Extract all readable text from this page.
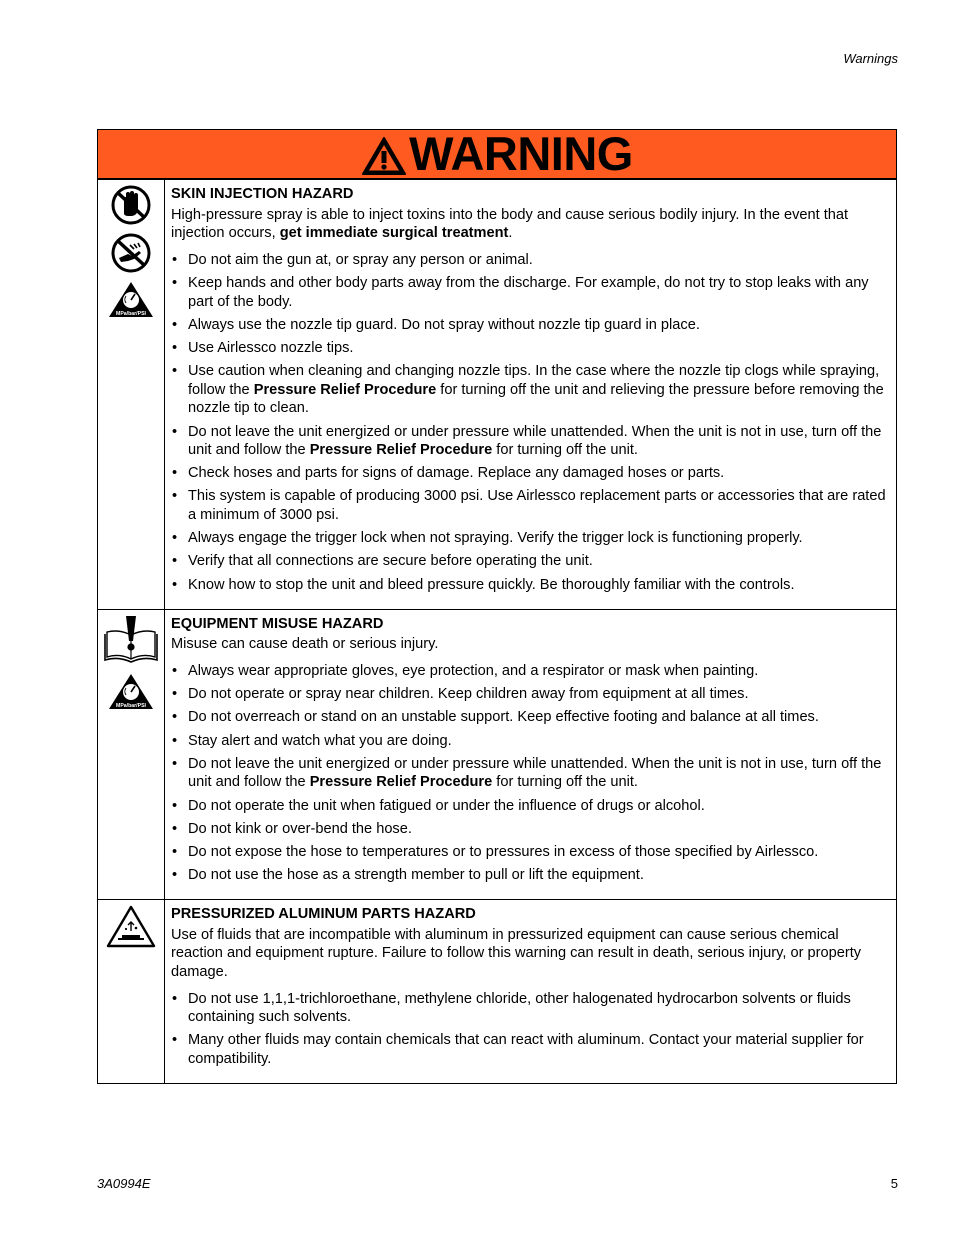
Warnings
WARNING
MPa/bar/PSI
SKIN INJECTION HAZARD
High-pressure spray is able to inject toxins into the body and cause serious bodily injury. In the event that injection occurs, get immediate surgical treatment.
• Do not aim the gun at, or spray any person or animal.
• Keep hands and other body parts away from the discharge. For example, do not try to stop leaks with any part of the body.
• Always use the nozzle tip guard. Do not spray without nozzle tip guard in place.
• Use Airlessco nozzle tips.
• Use caution when cleaning and changing nozzle tips. In the case where the nozzle tip clogs while spraying, follow the Pressure Relief Procedure for turning off the unit and relieving the pressure before removing the nozzle tip to clean.
• Do not leave the unit energized or under pressure while unattended. When the unit is not in use, turn off the unit and follow the Pressure Relief Procedure for turning off the unit.
• Check hoses and parts for signs of damage. Replace any damaged hoses or parts.
• This system is capable of producing 3000 psi. Use Airlessco replacement parts or accessories that are rated a minimum of 3000 psi.
• Always engage the trigger lock when not spraying. Verify the trigger lock is functioning properly.
• Verify that all connections are secure before operating the unit.
• Know how to stop the unit and bleed pressure quickly. Be thoroughly familiar with the controls.
MPa/bar/PSI
EQUIPMENT MISUSE HAZARD
Misuse can cause death or serious injury.
• Always wear appropriate gloves, eye protection, and a respirator or mask when painting.
• Do not operate or spray near children. Keep children away from equipment at all times.
• Do not overreach or stand on an unstable support. Keep effective footing and balance at all times.
• Stay alert and watch what you are doing.
• Do not leave the unit energized or under pressure while unattended. When the unit is not in use, turn off the unit and follow the Pressure Relief Procedure for turning off the unit.
• Do not operate the unit when fatigued or under the influence of drugs or alcohol.
• Do not kink or over-bend the hose.
• Do not expose the hose to temperatures or to pressures in excess of those specified by Airlessco.
• Do not use the hose as a strength member to pull or lift the equipment.
PRESSURIZED ALUMINUM PARTS HAZARD
Use of fluids that are incompatible with aluminum in pressurized equipment can cause serious chemical reaction and equipment rupture. Failure to follow this warning can result in death, serious injury, or property damage.
• Do not use 1,1,1-trichloroethane, methylene chloride, other halogenated hydrocarbon solvents or fluids containing such solvents.
• Many other fluids may contain chemicals that can react with aluminum. Contact your material supplier for compatibility.
3A0994E	5
